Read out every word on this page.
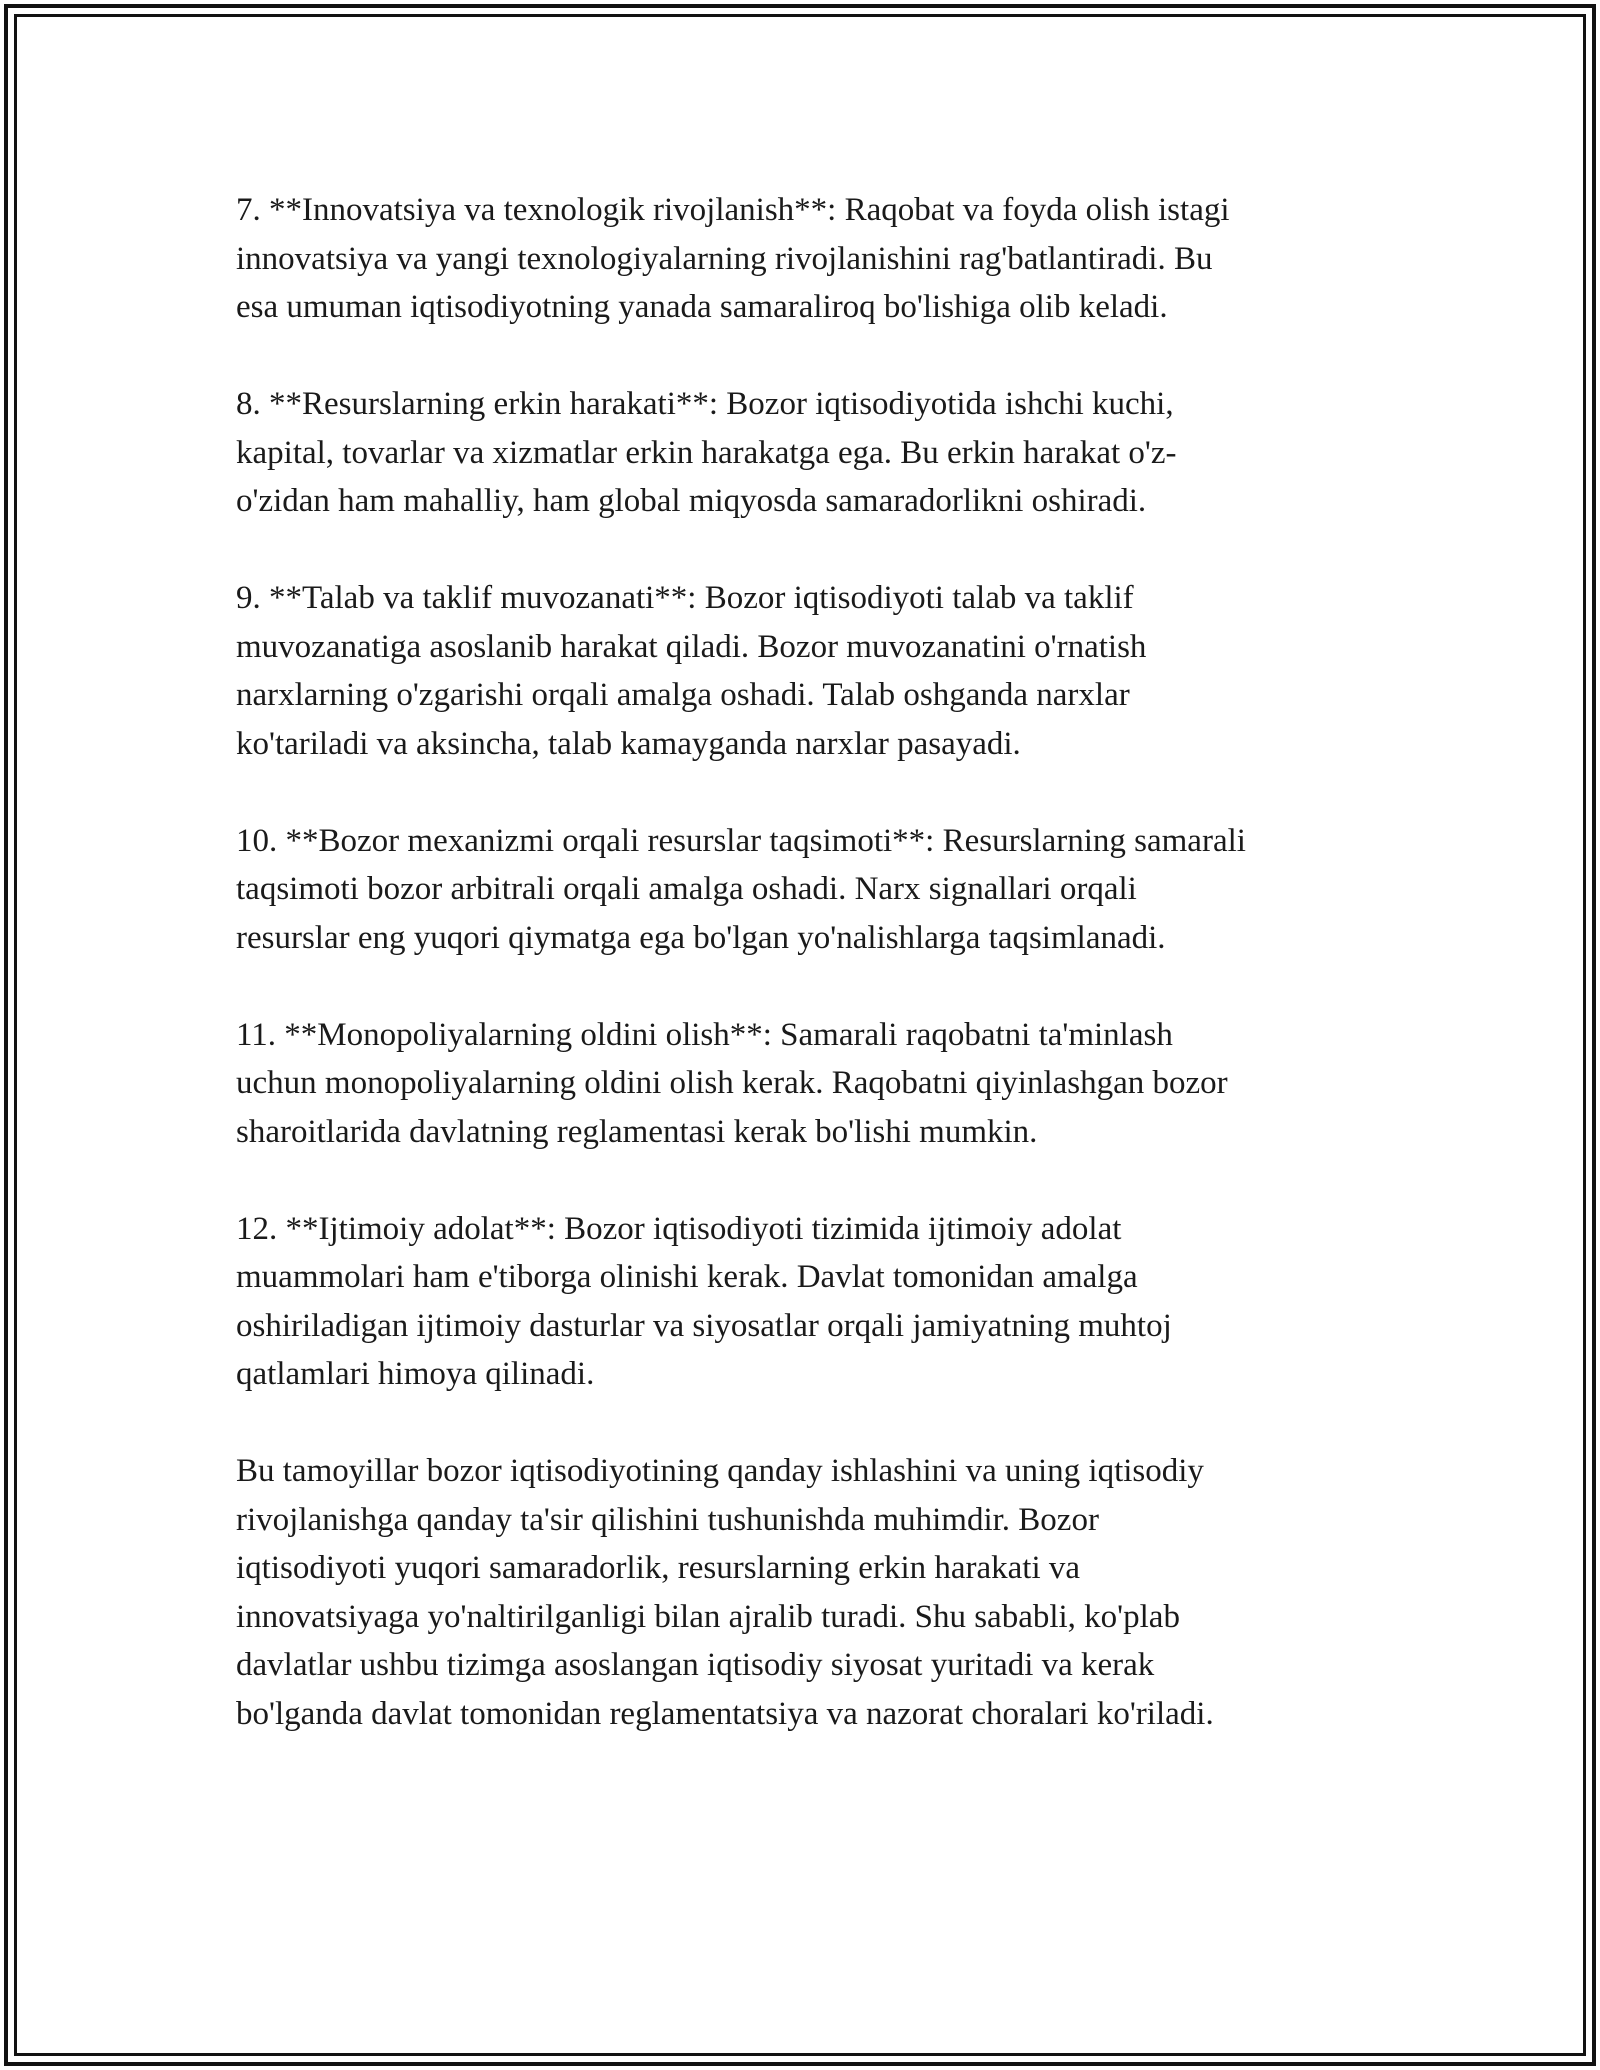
7. **Innovatsiya va texnologik rivojlanish**: Raqobat va foyda olish istagi
innovatsiya va yangi texnologiyalarning rivojlanishini rag'batlantiradi. Bu
esa umuman iqtisodiyotning yanada samaraliroq bo'lishiga olib keladi.

8. **Resurslarning erkin harakati**: Bozor iqtisodiyotida ishchi kuchi,
kapital, tovarlar va xizmatlar erkin harakatga ega. Bu erkin harakat o'z-
o'zidan ham mahalliy, ham global miqyosda samaradorlikni oshiradi.

9. **Talab va taklif muvozanati**: Bozor iqtisodiyoti talab va taklif
muvozanatiga asoslanib harakat qiladi. Bozor muvozanatini o'rnatish
narxlarning o'zgarishi orqali amalga oshadi. Talab oshganda narxlar
ko'tariladi va aksincha, talab kamayganda narxlar pasayadi.

10. **Bozor mexanizmi orqali resurslar taqsimoti**: Resurslarning samarali
taqsimoti bozor arbitrali orqali amalga oshadi. Narx signallari orqali
resurslar eng yuqori qiymatga ega bo'lgan yo'nalishlarga taqsimlanadi.

11. **Monopoliyalarning oldini olish**: Samarali raqobatni ta'minlash
uchun monopoliyalarning oldini olish kerak. Raqobatni qiyinlashgan bozor
sharoitlarida davlatning reglamentasi kerak bo'lishi mumkin.

12. **Ijtimoiy adolat**: Bozor iqtisodiyoti tizimida ijtimoiy adolat
muammolari ham e'tiborga olinishi kerak. Davlat tomonidan amalga
oshiriladigan ijtimoiy dasturlar va siyosatlar orqali jamiyatning muhtoj
qatlamlari himoya qilinadi.

Bu tamoyillar bozor iqtisodiyotining qanday ishlashini va uning iqtisodiy
rivojlanishga qanday ta'sir qilishini tushunishda muhimdir. Bozor
iqtisodiyoti yuqori samaradorlik, resurslarning erkin harakati va
innovatsiyaga yo'naltirilganligi bilan ajralib turadi. Shu sababli, ko'plab
davlatlar ushbu tizimga asoslangan iqtisodiy siyosat yuritadi va kerak
bo'lganda davlat tomonidan reglamentatsiya va nazorat choralari ko'riladi.
